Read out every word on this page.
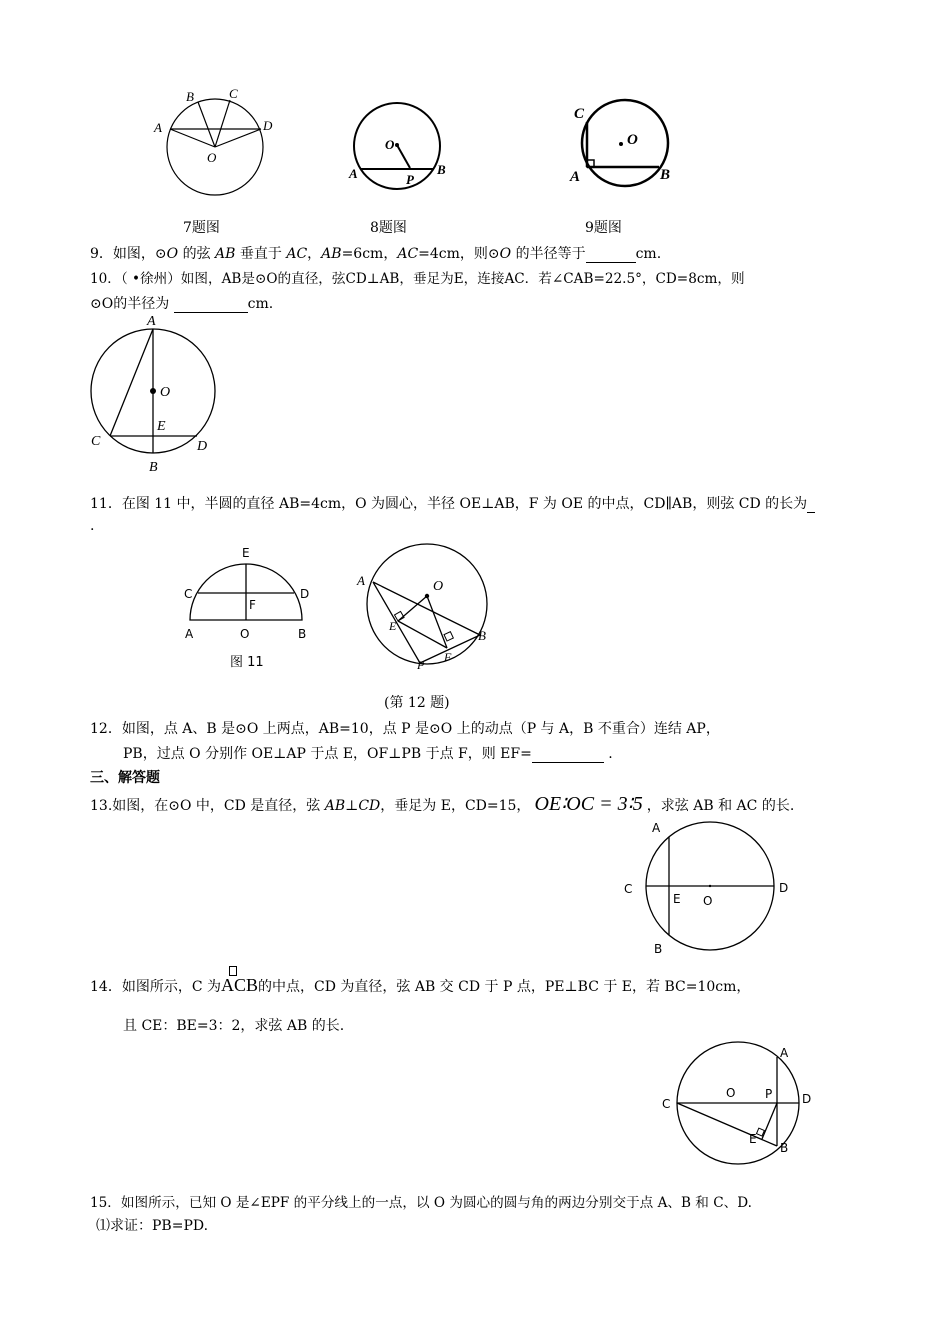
A
B	C
D
O
O
A	P
B
C
O
A	B
7题图	8题图	9题图
9．如图，⊙O 的弦 AB 垂直于 AC，AB=6cm，AC=4cm，则⊙O 的半径等于	cm.
10．（ •徐州）如图，AB是⊙O的直径，弦CD⊥AB，垂足为E，连接AC．若∠CAB=22.5°，CD=8cm，则
⊙O的半径为	cm.
A
O
E
C
B
D
11．在图 11 中，半圆的直径 AB=4cm，O 为圆心，半径 OE⊥AB，F 为 OE 的中点，CD∥AB，则弦 CD 的长为
.
E
C	D
F
A	O	B
图 11
A	O
E
F
B
P
(第 12 题)
12．如图，点 A、B 是⊙O 上两点，AB=10，点 P 是⊙O 上的动点（P 与 A，B 不重合）连结 AP，
PB，过点 O 分别作 OE⊥AP 于点 E，OF⊥PB 于点 F，则 EF=	.
三、解答题
13.如图，在⊙O 中，CD 是直径，弦 AB⊥CD，垂足为 E，CD=15， OE∶OC = 3∶5 ，求弦 AB 和 AC 的长.
A
C
E O
D
B
14．如图所示，C 为
ACB的中点，CD 为直径，弦 AB 交 CD 于 P 点，PE⊥BC 于 E，若 BC=10cm，
且 CE：BE=3：2，求弦 AB 的长.
A
O P
C	D
E
B
15．如图所示，已知 O 是∠EPF 的平分线上的一点，以 O 为圆心的圆与角的两边分别交于点 A、B 和 C、D.
⑴求证：PB=PD.
